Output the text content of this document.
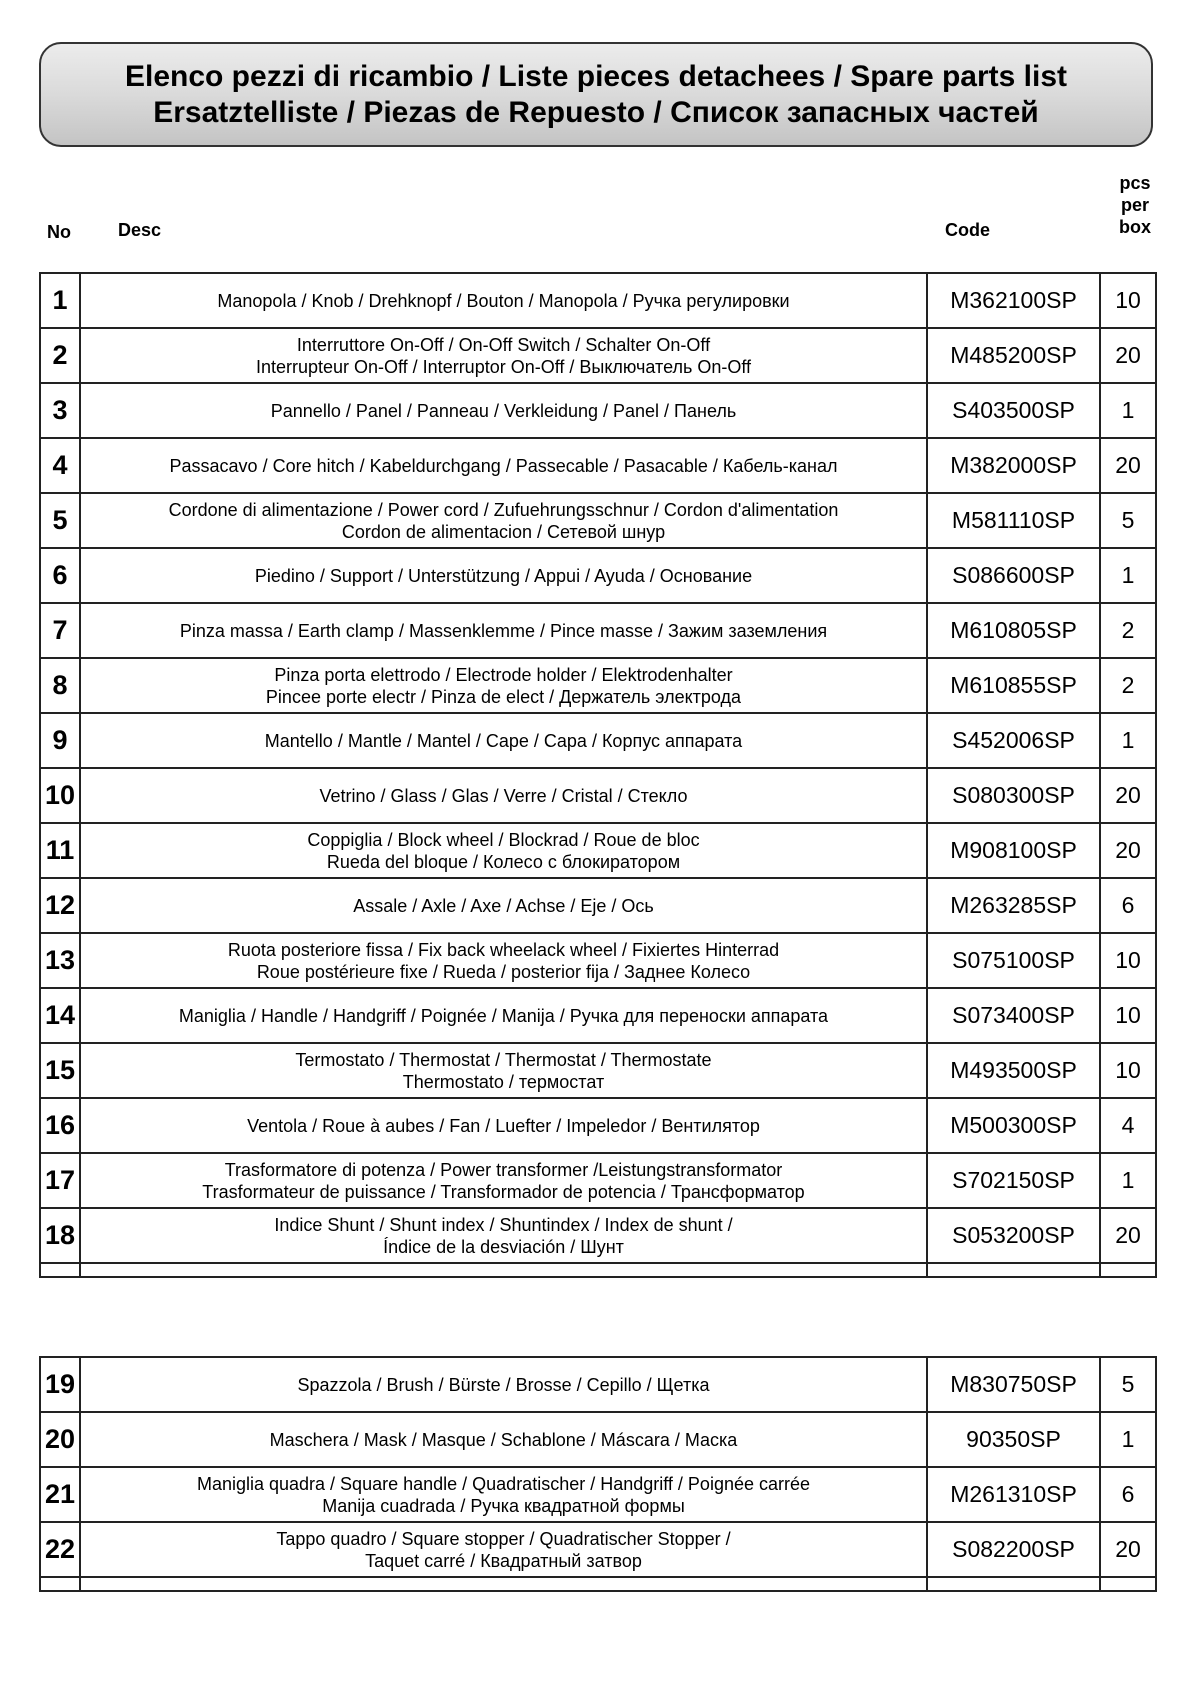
Elenco pezzi di ricambio / Liste pieces detachees / Spare parts list
Ersatztelliste / Piezas de Repuesto / Список запасных частей
No	Desc	Code
pcs
per
box
1	Manopola / Knob / Drehknopf / Bouton / Manopola / Ручка регулировки	M362100SP	10
2	Interruttore On-Off / On-Off Switch / Schalter On-Off
Interrupteur On-Off / Interruptor On-Off / Выключатель On-Off	M485200SP	20
3	Pannello / Panel / Panneau / Verkleidung / Panel / Панель	S403500SP	1
4	Passacavo / Core hitch / Kabeldurchgang / Passecable / Pasacable / Кабель-канал	M382000SP	20
5	Cordone di alimentazione / Power cord / Zufuehrungsschnur / Cordon d'alimentation
Cordon de alimentacion / Сетевой шнур	M581110SP	5
6	Piedino / Support / Unterstützung / Appui / Ayuda / Основание	S086600SP	1
7	Pinza massa / Earth clamp / Massenklemme / Pince masse / Зажим заземления	M610805SP	2
8	Pinza porta elettrodo / Electrode holder / Elektrodenhalter
Pincee porte electr / Pinza de elect / Держатель электрода	M610855SP	2
9	Mantello / Mantle / Mantel / Cape / Capa / Корпус аппарата	S452006SP	1
10	Vetrino / Glass / Glas / Verre / Cristal / Стекло	S080300SP	20
11	Coppiglia / Block wheel / Blockrad / Roue de bloc
Rueda del bloque / Колесо с блокиратором	M908100SP	20
12	Assale / Axle / Axe / Achse / Eje / Ось	M263285SP	6
13	Ruota posteriore fissa / Fix back wheelack wheel / Fixiertes Hinterrad
Roue postérieure fixe / Rueda / posterior fija / Заднее Колесо	S075100SP	10
14	Maniglia / Handle / Handgriff / Poignée / Manija / Ручка для переноски аппарата	S073400SP	10
15	Termostato / Thermostat / Thermostat / Thermostate
Thermostato / термостат	M493500SP	10
16	Ventola / Roue à aubes / Fan / Luefter / Impeledor / Вентилятор	M500300SP	4
17	Trasformatore di potenza / Power transformer /Leistungstransformator
Trasformateur de puissance / Transformador de potencia / Трансформатор	S702150SP	1
18	Indice Shunt / Shunt index / Shuntindex / Index de shunt /
Índice de la desviación / Шунт	S053200SP	20

19	Spazzola / Brush / Bürste / Brosse / Cepillo / Щетка	M830750SP	5
20	Maschera / Mask / Masque / Schablone / Máscara / Маска	90350SP	1
21	Maniglia quadra / Square handle / Quadratischer / Handgriff / Poignée carrée
Manija cuadrada / Ручка квадратной формы	M261310SP	6
22	Tappo quadro / Square stopper / Quadratischer Stopper /
Taquet carré / Квадратный затвор	S082200SP	20
